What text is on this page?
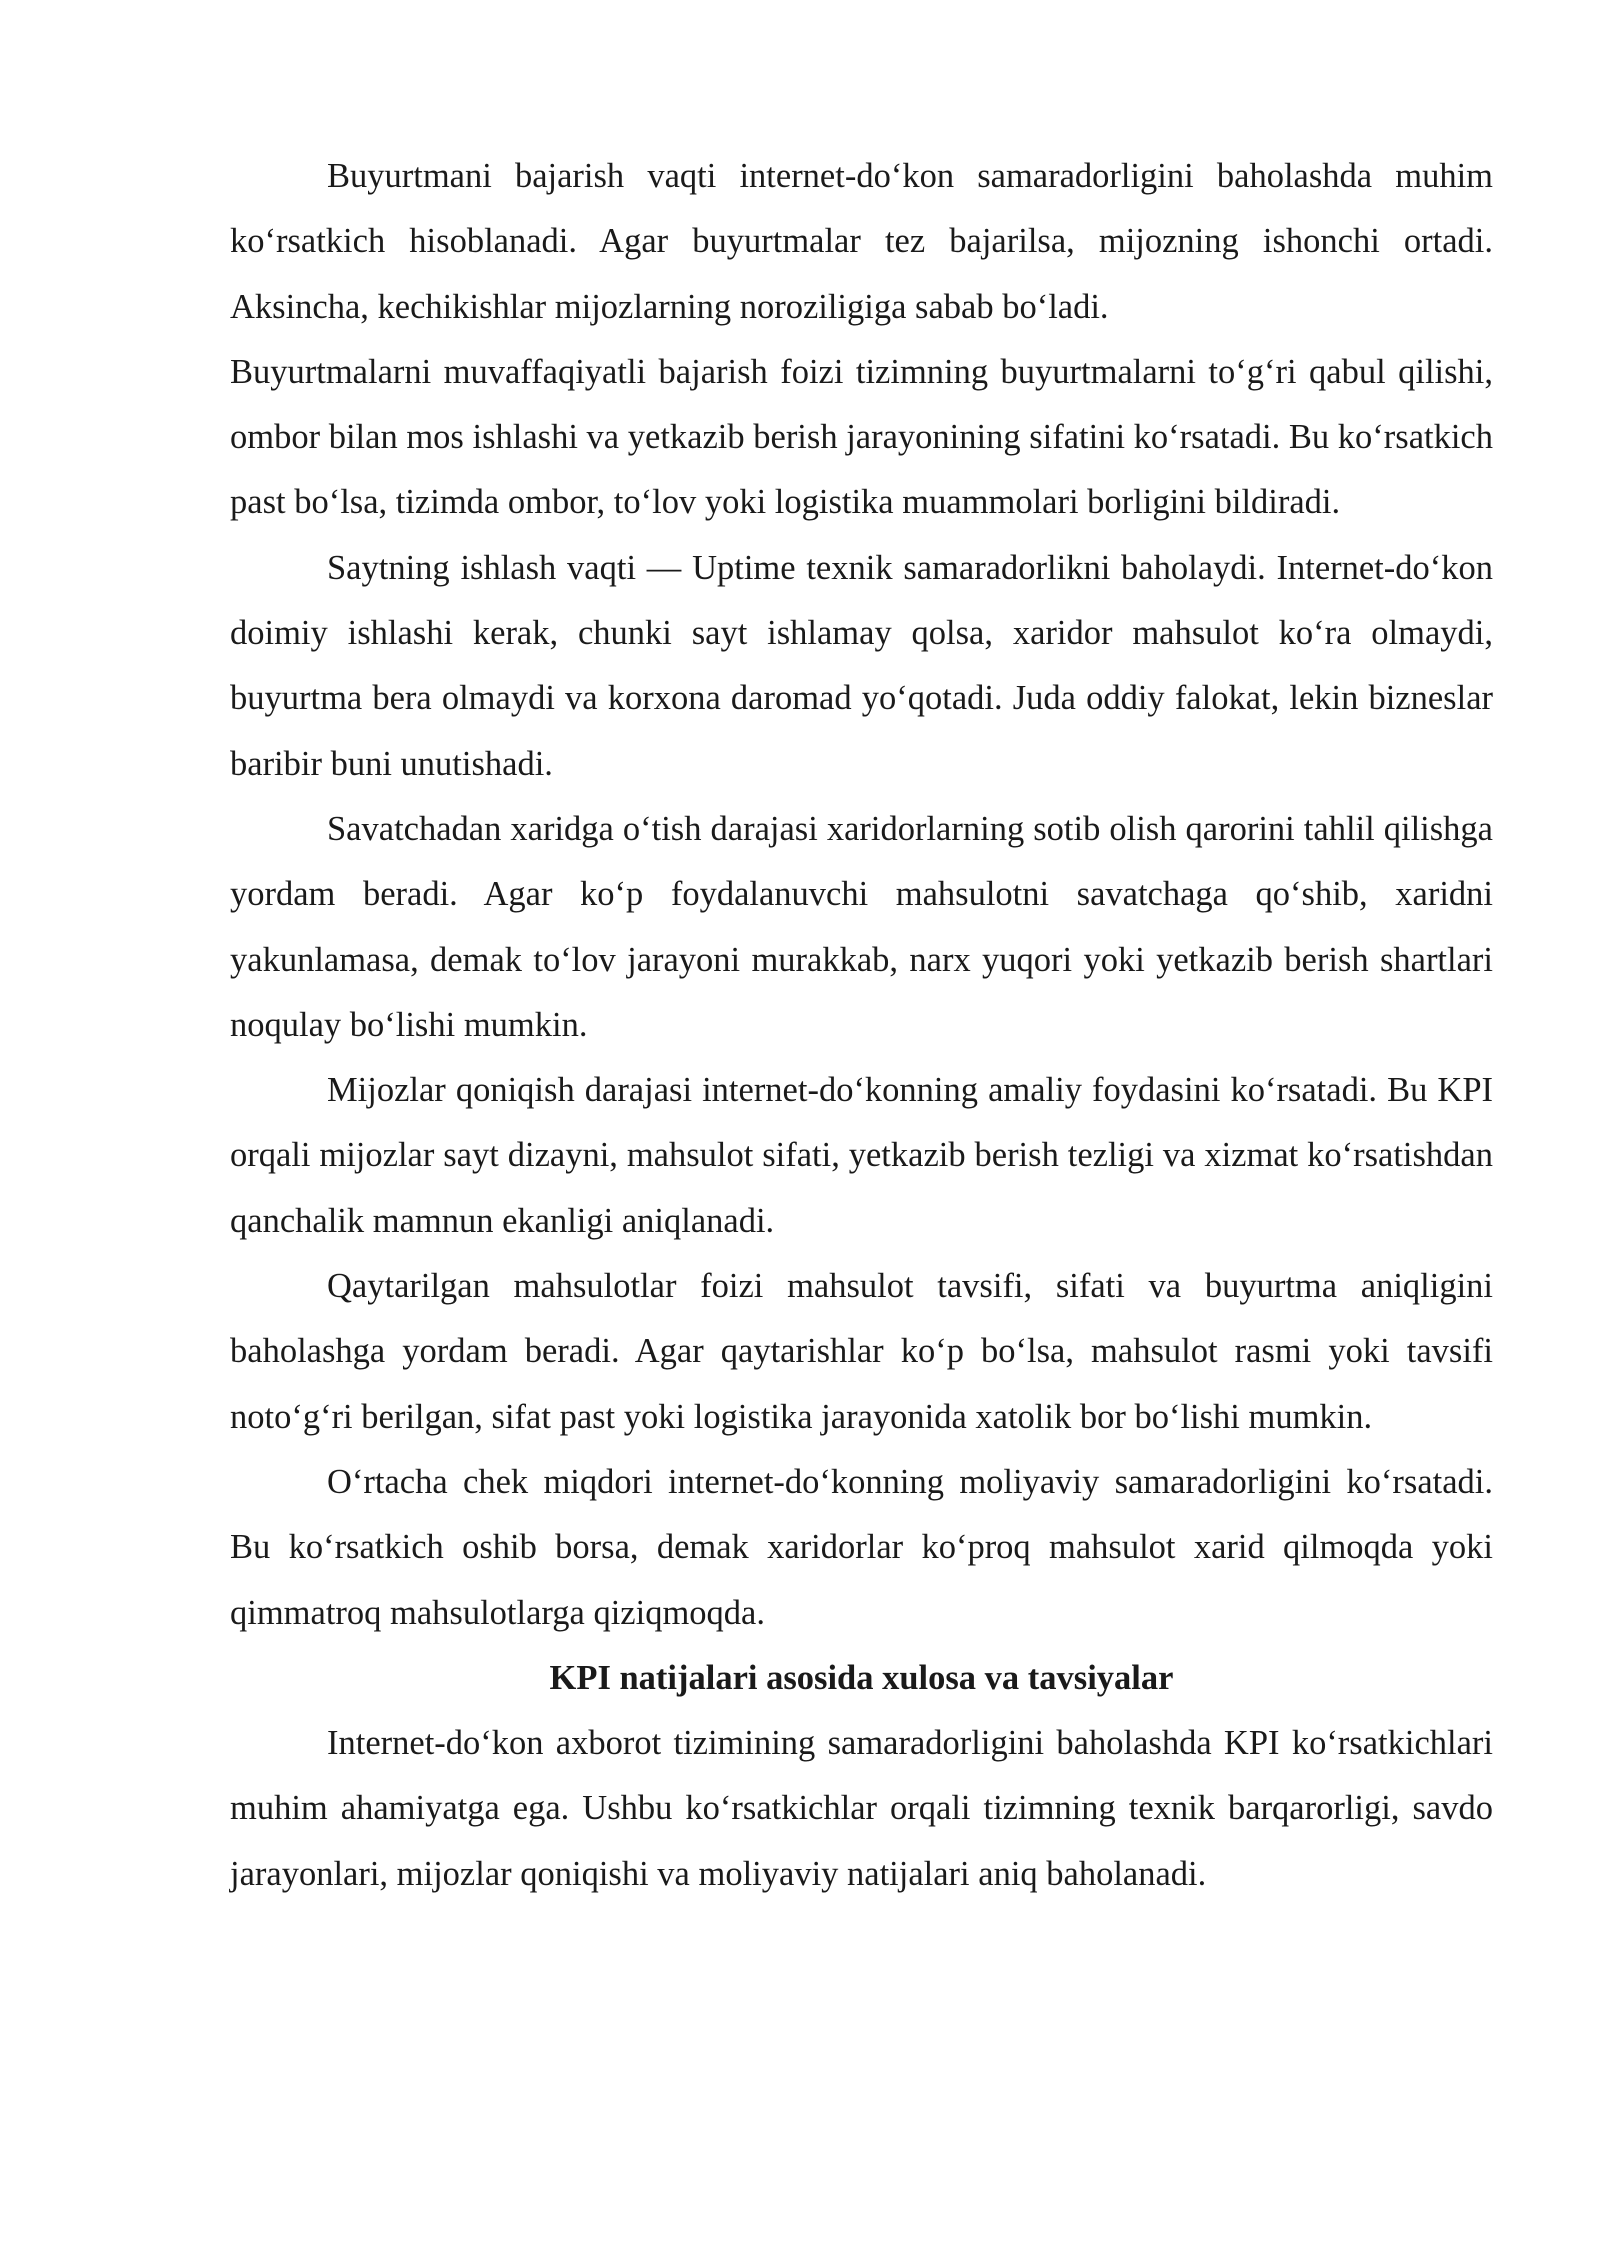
Buyurtmani bajarish vaqti internet-do‘kon samaradorligini baholashda muhim ko‘rsatkich hisoblanadi. Agar buyurtmalar tez bajarilsa, mijozning ishonchi ortadi. Aksincha, kechikishlar mijozlarning noroziligiga sabab bo‘ladi.

Buyurtmalarni muvaffaqiyatli bajarish foizi tizimning buyurtmalarni to‘g‘ri qabul qilishi, ombor bilan mos ishlashi va yetkazib berish jarayonining sifatini ko‘rsatadi. Bu ko‘rsatkich past bo‘lsa, tizimda ombor, to‘lov yoki logistika muammolari borligini bildiradi.

Saytning ishlash vaqti — Uptime texnik samaradorlikni baholaydi. Internet-do‘kon doimiy ishlashi kerak, chunki sayt ishlamay qolsa, xaridor mahsulot ko‘ra olmaydi, buyurtma bera olmaydi va korxona daromad yo‘qotadi. Juda oddiy falokat, lekin bizneslar baribir buni unutishadi.

Savatchadan xaridga o‘tish darajasi xaridorlarning sotib olish qarorini tahlil qilishga yordam beradi. Agar ko‘p foydalanuvchi mahsulotni savatchaga qo‘shib, xaridni yakunlamasa, demak to‘lov jarayoni murakkab, narx yuqori yoki yetkazib berish shartlari noqulay bo‘lishi mumkin.

Mijozlar qoniqish darajasi internet-do‘konning amaliy foydasini ko‘rsatadi. Bu KPI orqali mijozlar sayt dizayni, mahsulot sifati, yetkazib berish tezligi va xizmat ko‘rsatishdan qanchalik mamnun ekanligi aniqlanadi.

Qaytarilgan mahsulotlar foizi mahsulot tavsifi, sifati va buyurtma aniqligini baholashga yordam beradi. Agar qaytarishlar ko‘p bo‘lsa, mahsulot rasmi yoki tavsifi noto‘g‘ri berilgan, sifat past yoki logistika jarayonida xatolik bor bo‘lishi mumkin.

O‘rtacha chek miqdori internet-do‘konning moliyaviy samaradorligini ko‘rsatadi. Bu ko‘rsatkich oshib borsa, demak xaridorlar ko‘proq mahsulot xarid qilmoqda yoki qimmatroq mahsulotlarga qiziqmoqda.

KPI natijalari asosida xulosa va tavsiyalar

Internet-do‘kon axborot tizimining samaradorligini baholashda KPI ko‘rsatkichlari muhim ahamiyatga ega. Ushbu ko‘rsatkichlar orqali tizimning texnik barqarorligi, savdo jarayonlari, mijozlar qoniqishi va moliyaviy natijalari aniq baholanadi.
